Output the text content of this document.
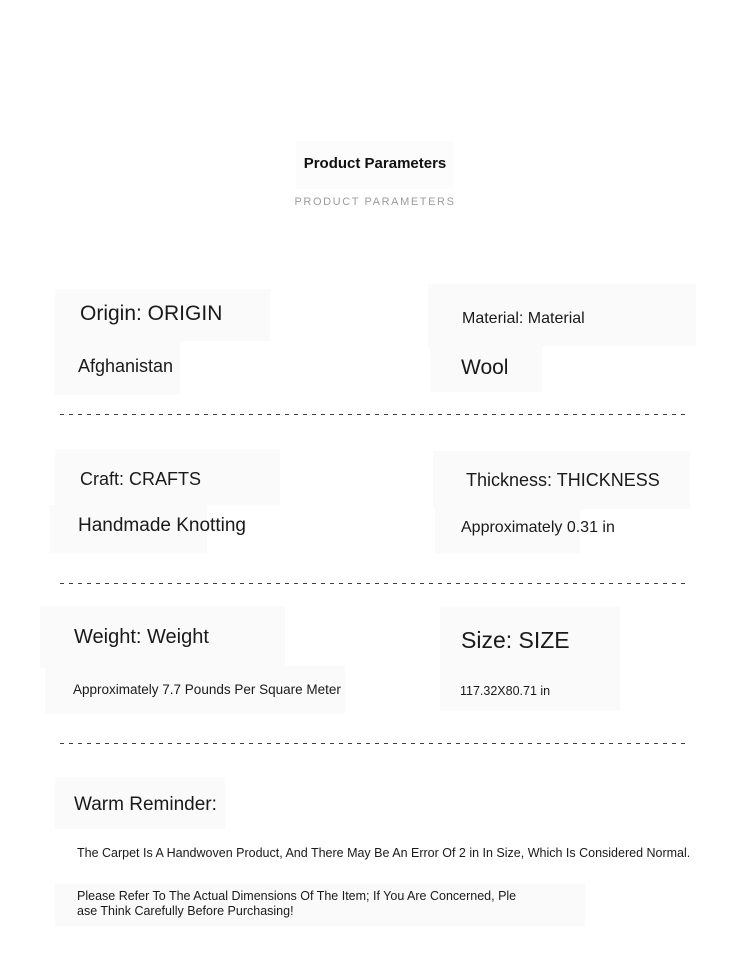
Product Parameters
PRODUCT PARAMETERS
Origin: ORIGIN
Afghanistan
Material: Material
Wool
Craft: CRAFTS
Handmade Knotting
Thickness: THICKNESS
Approximately 0.31 in
Weight: Weight
Approximately 7.7 Pounds Per Square Meter
Size: SIZE
117.32X80.71 in
Warm Reminder:
The Carpet Is A Handwoven Product, And There May Be An Error Of 2 in In Size, Which Is Considered Normal.
Please Refer To The Actual Dimensions Of The Item; If You Are Concerned, Ple
ase Think Carefully Before Purchasing!
